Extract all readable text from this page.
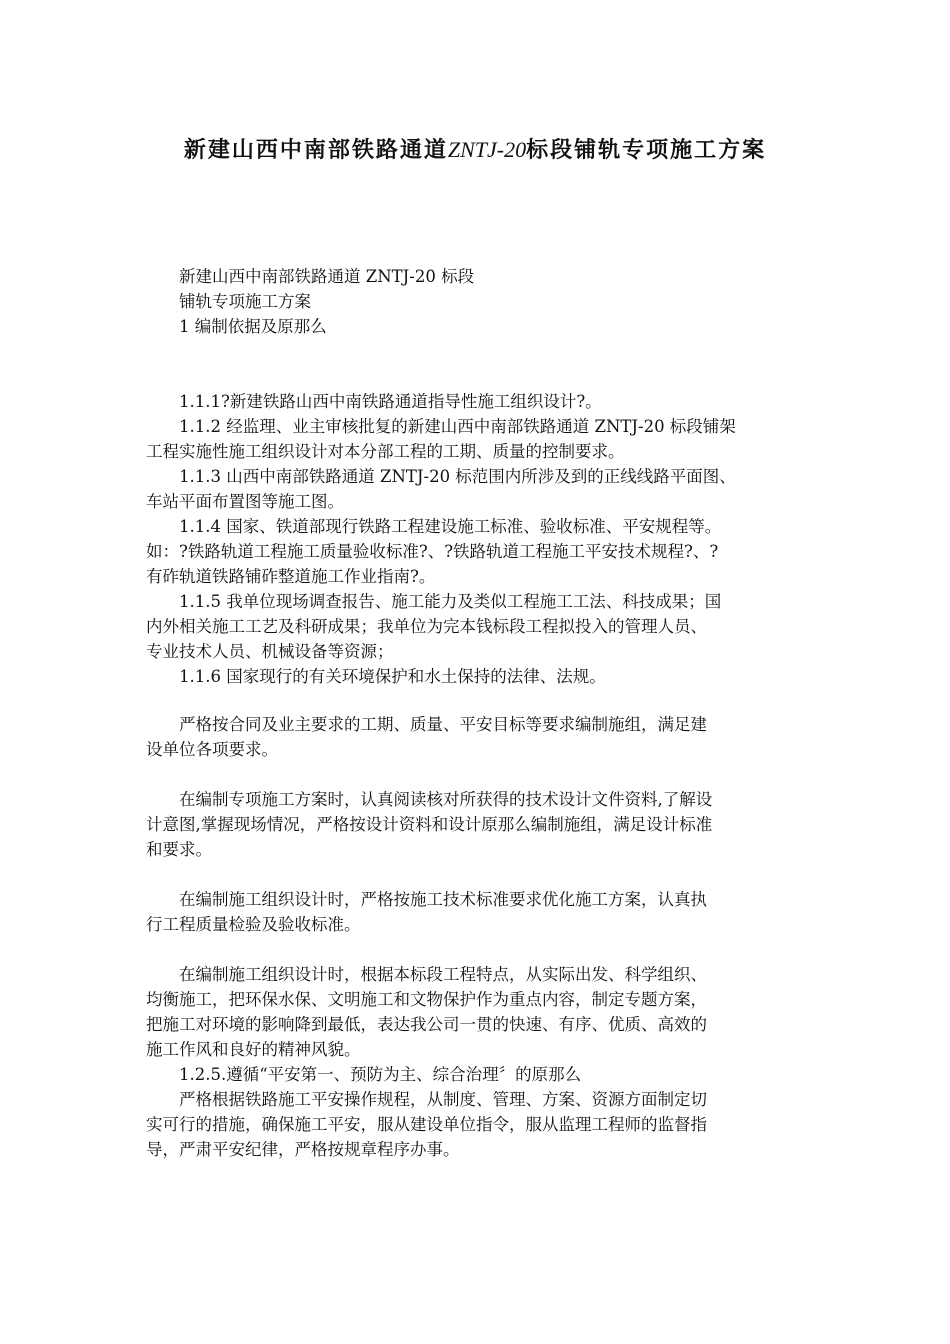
新建山西中南部铁路通道ZNTJ-20标段铺轨专项施工方案
新建山西中南部铁路通道 ZNTJ-20 标段
铺轨专项施工方案
1 编制依据及原那么
1.1.1?新建铁路山西中南铁路通道指导性施工组织设计?。
1.1.2 经监理、业主审核批复的新建山西中南部铁路通道 ZNTJ-20 标段铺架
工程实施性施工组织设计对本分部工程的工期、质量的控制要求。
1.1.3 山西中南部铁路通道 ZNTJ-20 标范围内所涉及到的正线线路平面图、
车站平面布置图等施工图。
1.1.4 国家、铁道部现行铁路工程建设施工标准、验收标准、平安规程等。
如：?铁路轨道工程施工质量验收标准?、?铁路轨道工程施工平安技术规程?、?
有砟轨道铁路铺砟整道施工作业指南?。
1.1.5 我单位现场调查报告、施工能力及类似工程施工工法、科技成果；国
内外相关施工工艺及科研成果；我单位为完本钱标段工程拟投入的管理人员、
专业技术人员、机械设备等资源；
1.1.6 国家现行的有关环境保护和水土保持的法律、法规。
严格按合同及业主要求的工期、质量、平安目标等要求编制施组，满足建
设单位各项要求。
在编制专项施工方案时，认真阅读核对所获得的技术设计文件资料,了解设
计意图,掌握现场情况，严格按设计资料和设计原那么编制施组，满足设计标准
和要求。
在编制施工组织设计时，严格按施工技术标准要求优化施工方案，认真执
行工程质量检验及验收标准。
在编制施工组织设计时，根据本标段工程特点，从实际出发、科学组织、
均衡施工，把环保水保、文明施工和文物保护作为重点内容，制定专题方案，
把施工对环境的影响降到最低，表达我公司一贯的快速、有序、优质、高效的
施工作风和良好的精神风貌。
1.2.5.遵循“平安第一、预防为主、综合治理〞的原那么
严格根据铁路施工平安操作规程，从制度、管理、方案、资源方面制定切
实可行的措施，确保施工平安，服从建设单位指令，服从监理工程师的监督指
导，严肃平安纪律，严格按规章程序办事。
